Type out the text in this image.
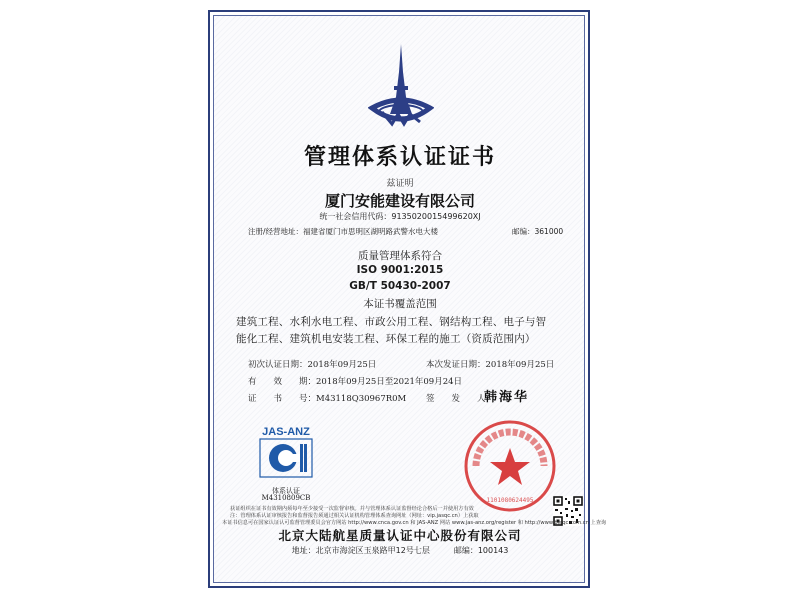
管理体系认证证书
兹证明
厦门安能建设有限公司
统一社会信用代码：9135020015499620XJ
注册/经营地址：福建省厦门市思明区湖明路武警水电大楼	邮编：361000
质量管理体系符合
ISO 9001:2015
GB/T 50430-2007
本证书覆盖范围
建筑工程、水利水电工程、市政公用工程、钢结构工程、电子与智
能化工程、建筑机电安装工程、环保工程的施工（资质范围内）
初次认证日期：2018年09月25日	本次发证日期：2018年09月25日
有　　效　　期：2018年09月25日至2021年09月24日
证　　书　　号：M43118Q30967R0M 签　　发　　人：
韩海华
JAS-ANZ
体系认证
M4310809CB	1101080624495
获证组织在证书有效期内须每年至少接受一次监督审核。并与管理体系认证监督经论合格后一并使用方有效
注：管理体系认证审核报告和监督报告须通过相关认证机构管理体系查询网址（网址：vip.jasqc.cn）上获取
本证书信息可在国家认证认可监督管理委员会官方网站 http://www.cnca.gov.cn 和 JAS-ANZ 网站 www.jas-anz.org/register 和 http://www.bjaqc.com.cn 上查询
北京大陆航星质量认证中心股份有限公司
地址：北京市海淀区玉泉路甲12号七层　　　邮编：100143
